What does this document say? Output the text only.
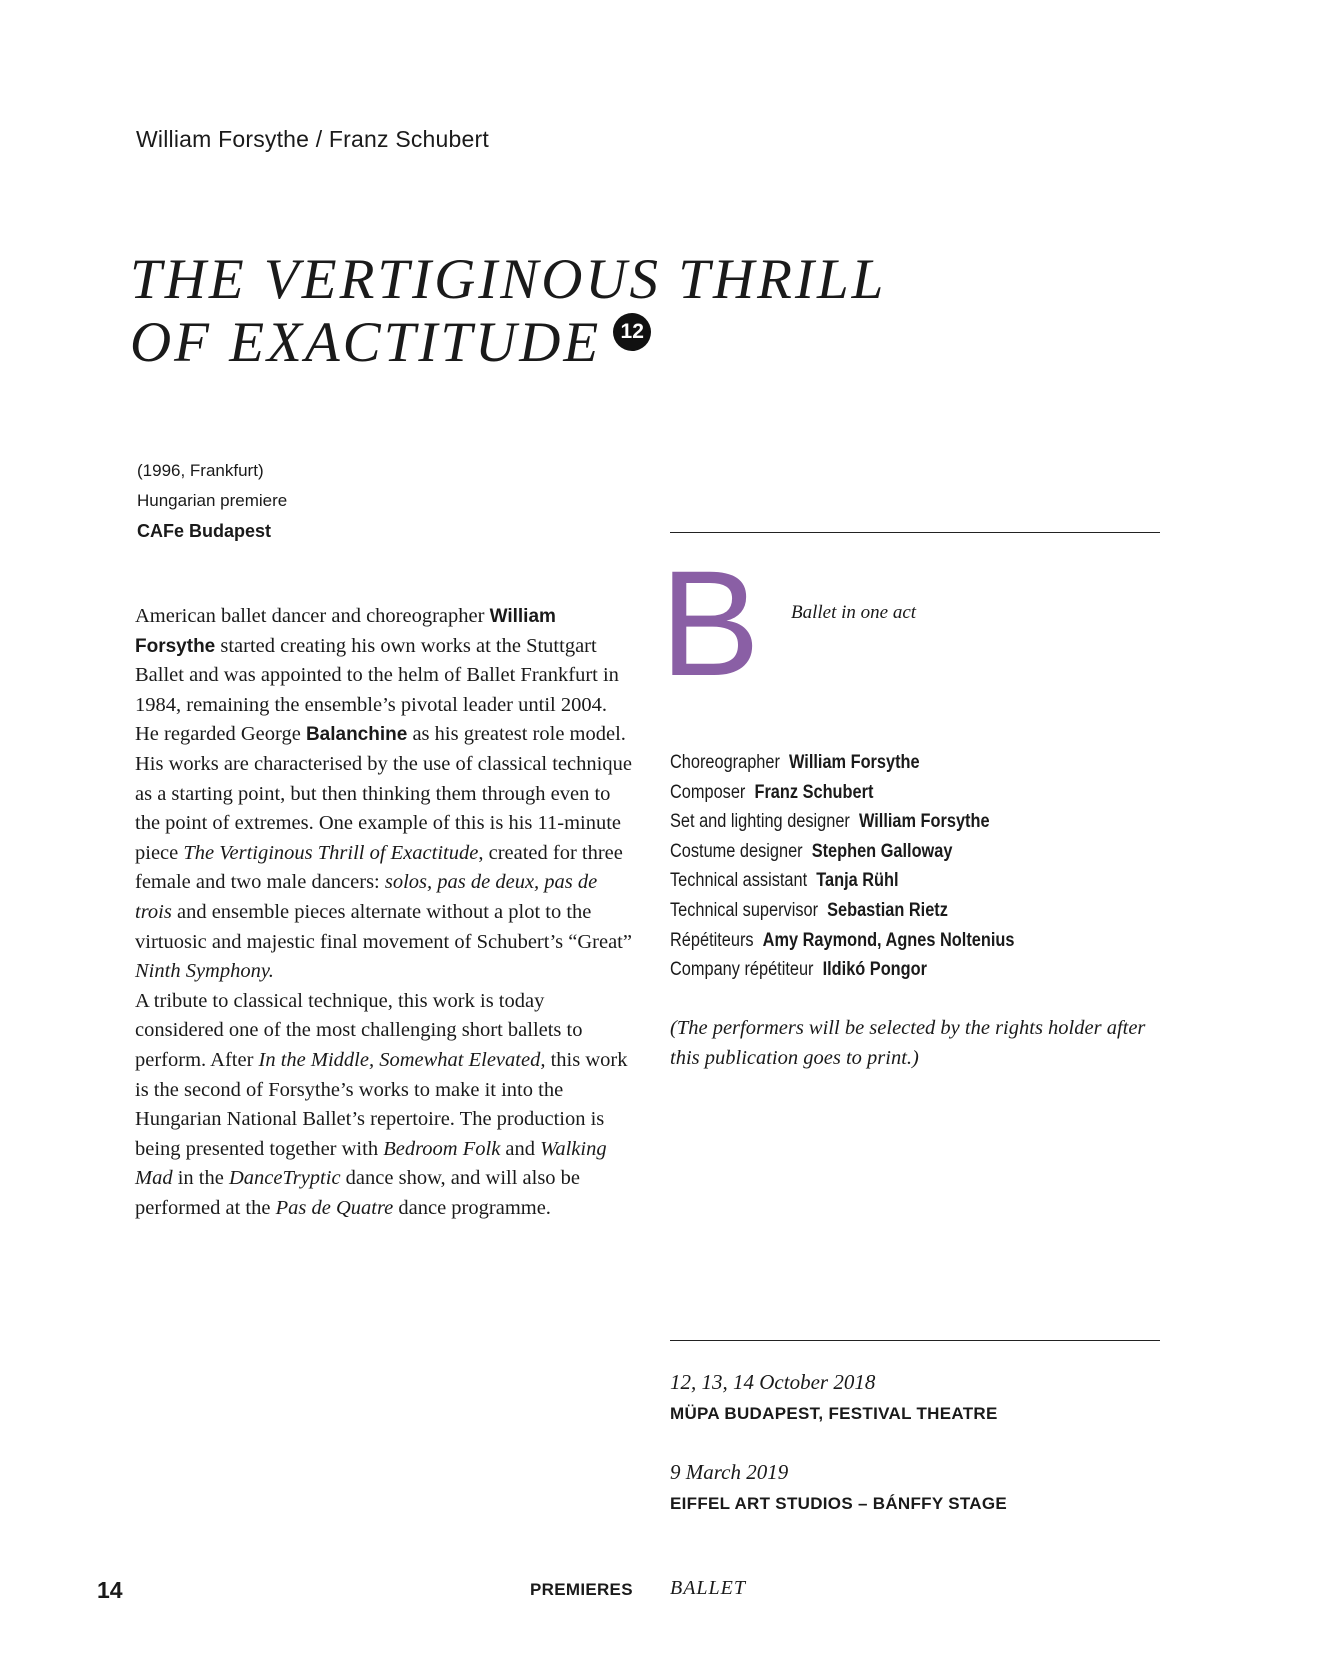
William Forsythe / Franz Schubert
THE VERTIGINOUS THRILL
OF EXACTITUDE 12
(1996, Frankfurt)
Hungarian premiere
CAFe Budapest

American ballet dancer and choreographer William Forsythe started creating his own works at the Stuttgart Ballet and was appointed to the helm of Ballet Frankfurt in 1984, remaining the ensemble’s pivotal leader until 2004. He regarded George Balanchine as his greatest role model. His works are characterised by the use of classical technique as a starting point, but then thinking them through even to the point of extremes. One example of this is his 11-minute piece The Vertiginous Thrill of Exactitude, created for three female and two male dancers: solos, pas de deux, pas de trois and ensemble pieces alternate without a plot to the virtuosic and majestic final movement of Schubert’s “Great” Ninth Symphony.

A tribute to classical technique, this work is today considered one of the most challenging short ballets to perform. After In the Middle, Somewhat Elevated, this work is the second of Forsythe’s works to make it into the Hungarian National Ballet’s repertoire. The production is being presented together with Bedroom Folk and Walking Mad in the DanceTryptic dance show, and will also be performed at the Pas de Quatre dance programme.

B Ballet in one act
Choreographer William Forsythe
Composer Franz Schubert
Set and lighting designer William Forsythe
Costume designer Stephen Galloway
Technical assistant Tanja Rühl
Technical supervisor Sebastian Rietz
Répétiteurs Amy Raymond, Agnes Noltenius
Company répétiteur Ildikó Pongor
(The performers will be selected by the rights holder after this publication goes to print.)
12, 13, 14 October 2018
MÜPA BUDAPEST, FESTIVAL THEATRE
9 March 2019
EIFFEL ART STUDIOS – BÁNFFY STAGE
14	PREMIERES BALLET
